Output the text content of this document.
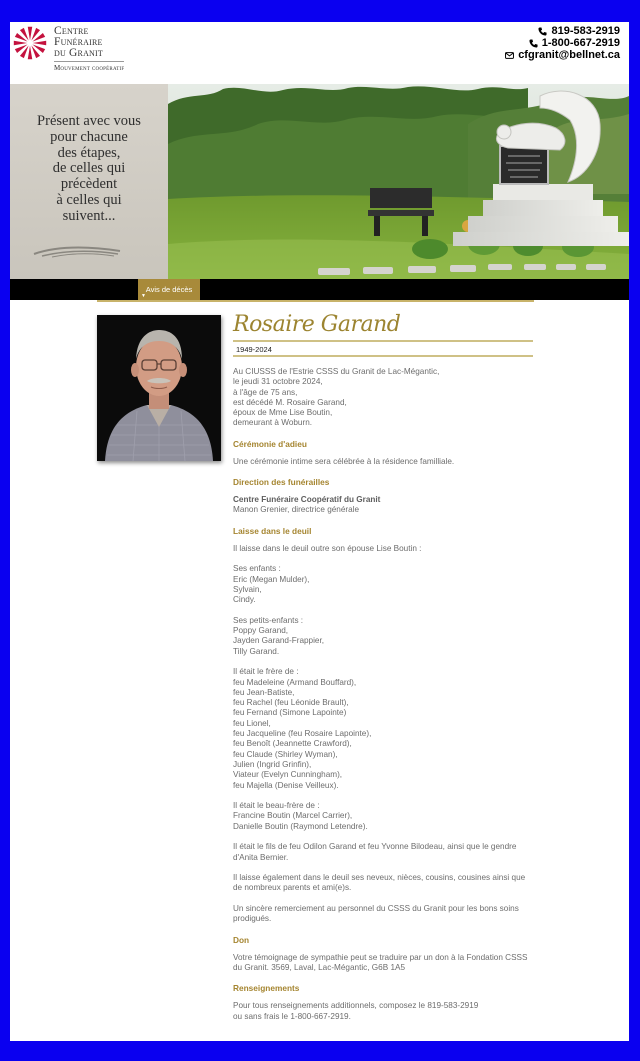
Centre
Funéraire
du Granit
Mouvement coopératif
819-583-2919
1-800-667-2919
cfgranit@bellnet.ca
Présent avec vous
pour chacune
des étapes,
de celles qui
précèdent
à celles qui
suivent...
Avis de décès
▼
Rosaire Garand
1949-2024
Au CIUSSS de l'Estrie CSSS du Granit de Lac-Mégantic,
le jeudi 31 octobre 2024,
à l'âge de 75 ans,
est décédé M. Rosaire Garand,
époux de Mme Lise Boutin,
demeurant à Woburn.
Cérémonie d'adieu
Une cérémonie intime sera célébrée à la résidence familliale.
Direction des funérailles
Centre Funéraire Coopératif du Granit
Manon Grenier, directrice générale
Laisse dans le deuil
Il laisse dans le deuil outre son épouse Lise Boutin :

Ses enfants :
Eric (Megan Mulder),
Sylvain,
Cindy.

Ses petits-enfants :
Poppy Garand,
Jayden Garand-Frappier,
Tilly Garand.

Il était le frère de :
feu Madeleine (Armand Bouffard),
feu Jean-Batiste,
feu Rachel (feu Léonide Brault),
feu Fernand (Simone Lapointe)
feu Lionel,
feu Jacqueline (feu Rosaire Lapointe),
feu Benoît (Jeannette Crawford),
feu Claude (Shirley Wyman),
Julien (Ingrid Grinfin),
Viateur (Evelyn Cunningham),
feu Majella (Denise Veilleux).

Il était le beau-frère de :
Francine Boutin (Marcel Carrier),
Danielle Boutin (Raymond Letendre).

Il était le fils de feu Odilon Garand et feu Yvonne Bilodeau, ainsi que le gendre d'Anita Bernier.

Il laisse également dans le deuil ses neveux, nièces, cousins, cousines ainsi que de nombreux parents et ami(e)s.

Un sincère remerciement au personnel du CSSS du Granit pour les bons soins prodigués.
Don
Votre témoignage de sympathie peut se traduire par un don à la Fondation CSSS du Granit. 3569, Laval, Lac-Mégantic, G6B 1A5
Renseignements
Pour tous renseignements additionnels, composez le 819-583-2919
ou sans frais le 1-800-667-2919.
